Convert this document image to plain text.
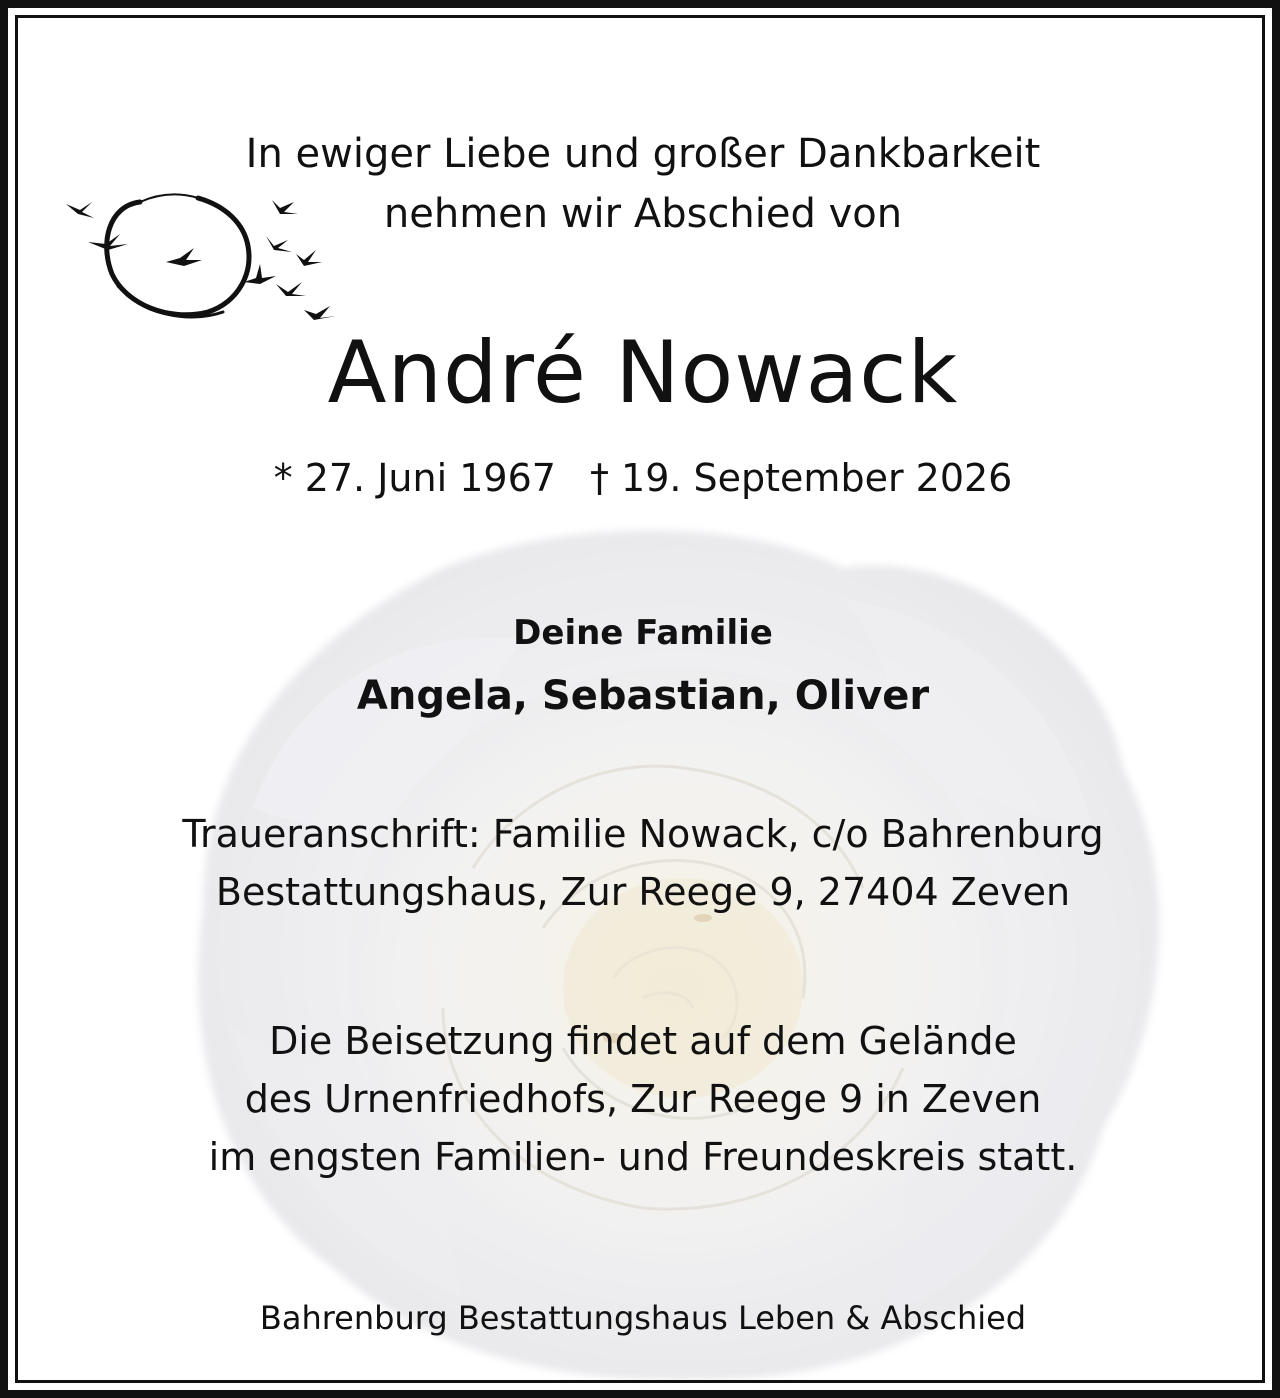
In ewiger Liebe und großer Dankbarkeit
nehmen wir Abschied von
André Nowack
* 27. Juni 1967 † 19. September 2026
Deine Familie
Angela, Sebastian, Oliver
Traueranschrift: Familie Nowack, c/o Bahrenburg
Bestattungshaus, Zur Reege 9, 27404 Zeven
Die Beisetzung findet auf dem Gelände
des Urnenfriedhofs, Zur Reege 9 in Zeven
im engsten Familien- und Freundeskreis statt.
Bahrenburg Bestattungshaus Leben & Abschied
